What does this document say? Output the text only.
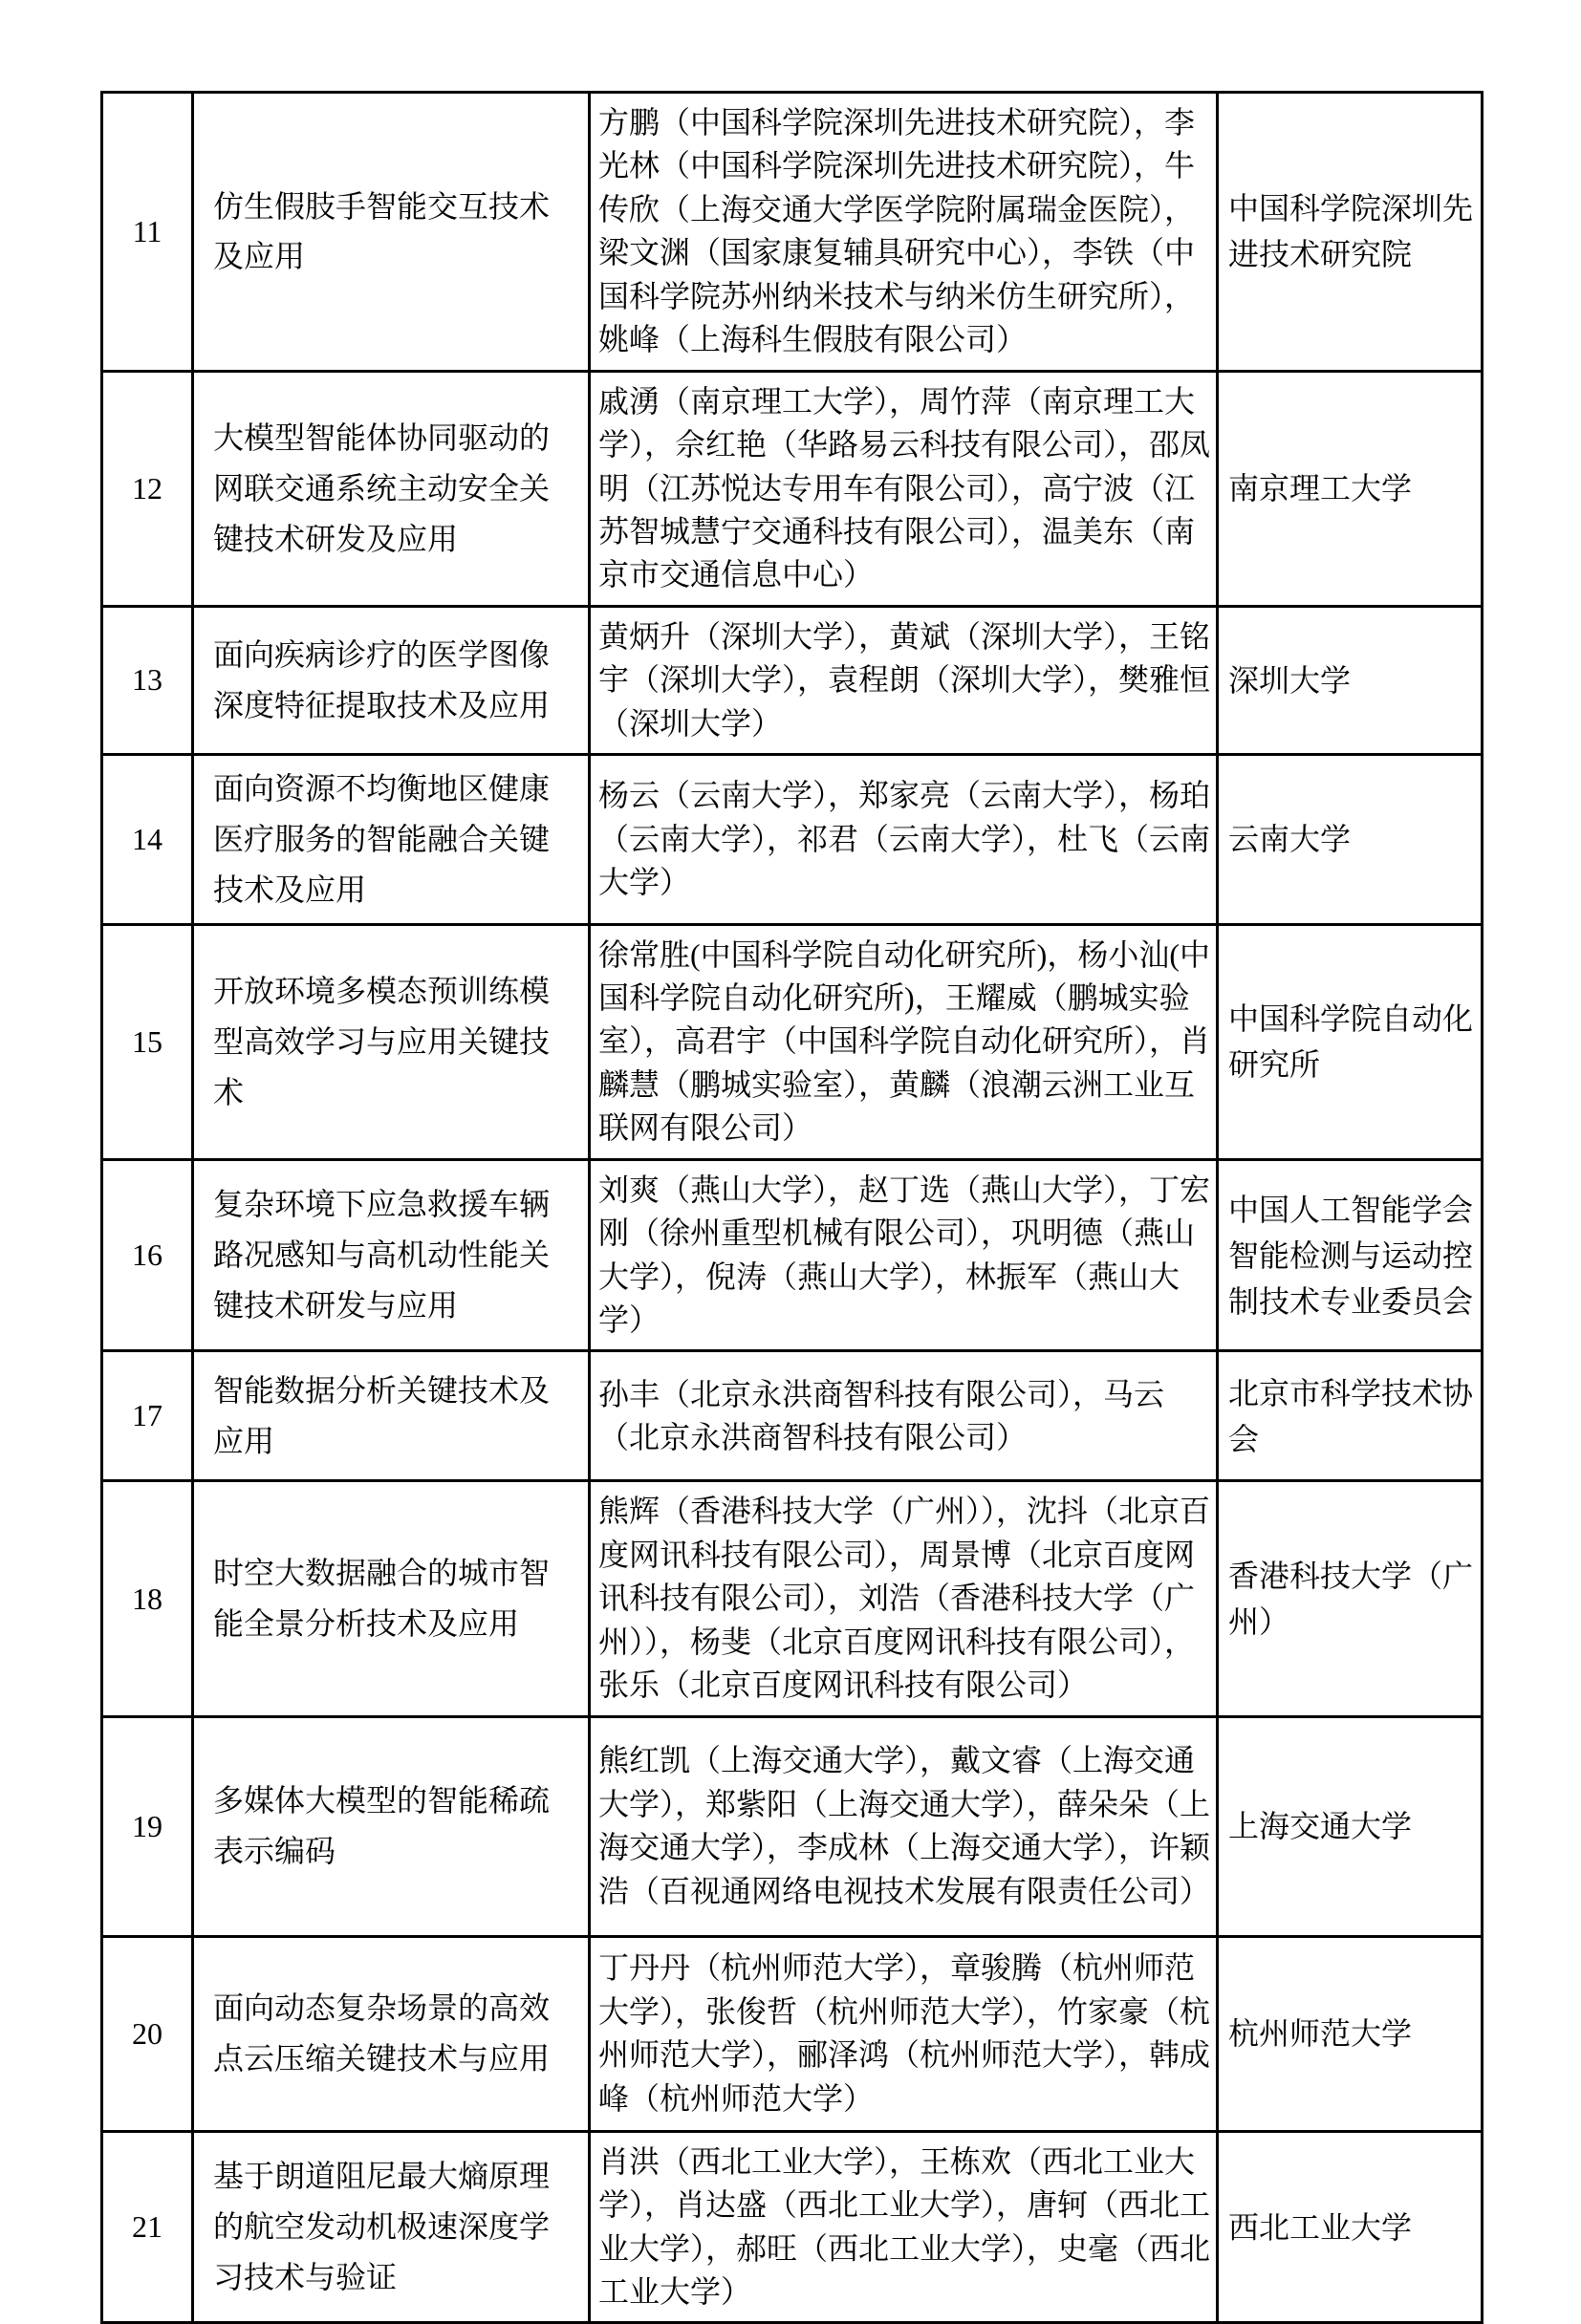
11	仿生假肢手智能交互技术及应用	方鹏（中国科学院深圳先进技术研究院），李光林（中国科学院深圳先进技术研究院），牛传欣（上海交通大学医学院附属瑞金医院），梁文渊（国家康复辅具研究中心），李铁（中国科学院苏州纳米技术与纳米仿生研究所），姚峰（上海科生假肢有限公司）	中国科学院深圳先进技术研究院
12	大模型智能体协同驱动的网联交通系统主动安全关键技术研发及应用	戚湧（南京理工大学），周竹萍（南京理工大学），佘红艳（华路易云科技有限公司），邵凤明（江苏悦达专用车有限公司），高宁波（江苏智城慧宁交通科技有限公司），温美东（南京市交通信息中心）	南京理工大学
13	面向疾病诊疗的医学图像深度特征提取技术及应用	黄炳升（深圳大学），黄斌（深圳大学），王铭宇（深圳大学），袁程朗（深圳大学），樊雅恒（深圳大学）	深圳大学
14	面向资源不均衡地区健康医疗服务的智能融合关键技术及应用	杨云（云南大学），郑家亮（云南大学），杨珀（云南大学），祁君（云南大学），杜飞（云南大学）	云南大学
15	开放环境多模态预训练模型高效学习与应用关键技术	徐常胜(中国科学院自动化研究所)，杨小汕(中国科学院自动化研究所)，王耀威（鹏城实验室），高君宇（中国科学院自动化研究所），肖麟慧（鹏城实验室），黄麟（浪潮云洲工业互联网有限公司）	中国科学院自动化研究所
16	复杂环境下应急救援车辆路况感知与高机动性能关键技术研发与应用	刘爽（燕山大学），赵丁选（燕山大学），丁宏刚（徐州重型机械有限公司），巩明德（燕山大学），倪涛（燕山大学），林振军（燕山大学）	中国人工智能学会智能检测与运动控制技术专业委员会
17	智能数据分析关键技术及应用	孙丰（北京永洪商智科技有限公司），马云（北京永洪商智科技有限公司）	北京市科学技术协会
18	时空大数据融合的城市智能全景分析技术及应用	熊辉（香港科技大学（广州）），沈抖（北京百度网讯科技有限公司），周景博（北京百度网讯科技有限公司），刘浩（香港科技大学（广州）），杨斐（北京百度网讯科技有限公司），张乐（北京百度网讯科技有限公司）	香港科技大学（广州）
19	多媒体大模型的智能稀疏表示编码	熊红凯（上海交通大学），戴文睿（上海交通大学），郑紫阳（上海交通大学），薛朵朵（上海交通大学），李成林（上海交通大学），许颖浩（百视通网络电视技术发展有限责任公司）	上海交通大学
20	面向动态复杂场景的高效点云压缩关键技术与应用	丁丹丹（杭州师范大学），章骏腾（杭州师范大学），张俊哲（杭州师范大学），竹家豪（杭州师范大学），郦泽鸿（杭州师范大学），韩成峰（杭州师范大学）	杭州师范大学
21	基于朗道阻尼最大熵原理的航空发动机极速深度学习技术与验证	肖洪（西北工业大学），王栋欢（西北工业大学），肖达盛（西北工业大学），唐轲（西北工业大学），郝旺（西北工业大学），史毫（西北工业大学）	西北工业大学
